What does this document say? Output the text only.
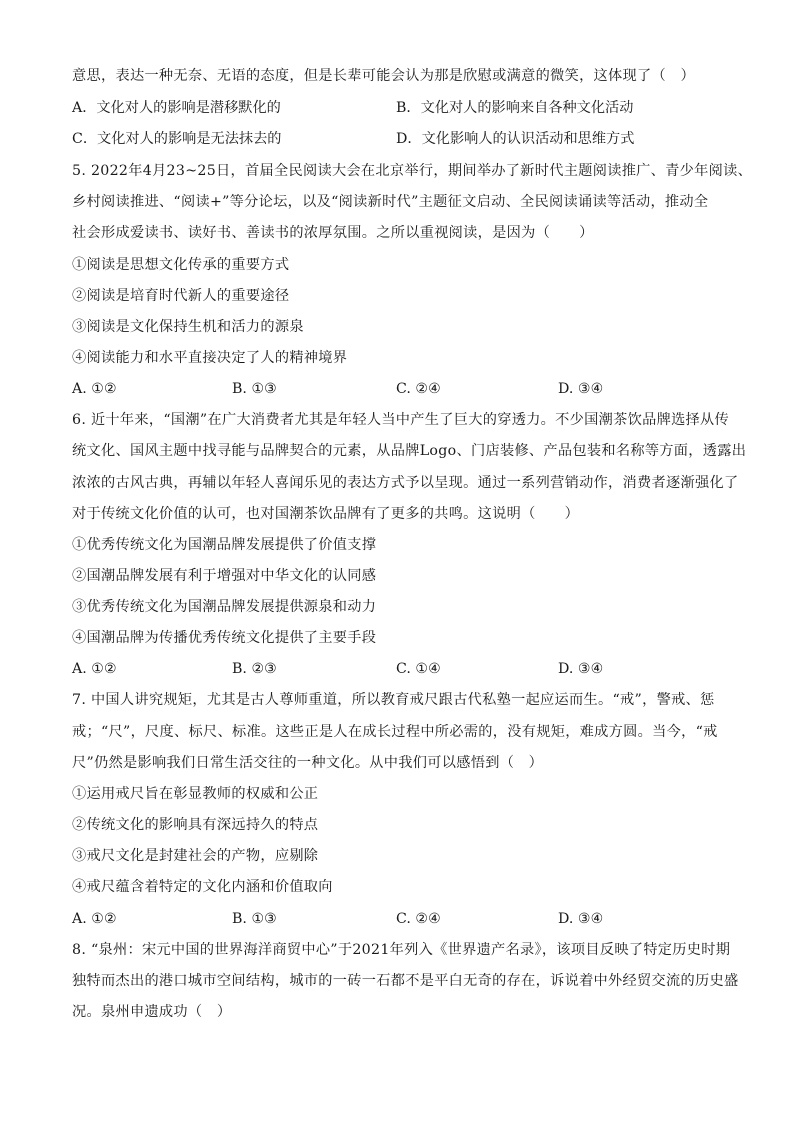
意思，表达一种无奈、无语的态度，但是长辈可能会认为那是欣慰或满意的微笑，这体现了（　）
A．文化对人的影响是潜移默化的	B．文化对人的影响来自各种文化活动
C．文化对人的影响是无法抹去的	D．文化影响人的认识活动和思维方式
5. 2022年4月23~25日，首届全民阅读大会在北京举行，期间举办了新时代主题阅读推广、青少年阅读、
乡村阅读推进、“阅读+”等分论坛，以及“阅读新时代”主题征文启动、全民阅读诵读等活动，推动全
社会形成爱读书、读好书、善读书的浓厚氛围。之所以重视阅读，是因为（　　）
①阅读是思想文化传承的重要方式
②阅读是培育时代新人的重要途径
③阅读是文化保持生机和活力的源泉
④阅读能力和水平直接决定了人的精神境界
A. ①②	B. ①③	C. ②④	D. ③④
6. 近十年来，“国潮”在广大消费者尤其是年轻人当中产生了巨大的穿透力。不少国潮茶饮品牌选择从传
统文化、国风主题中找寻能与品牌契合的元素，从品牌Logo、门店装修、产品包装和名称等方面，透露出
浓浓的古风古典，再辅以年轻人喜闻乐见的表达方式予以呈现。通过一系列营销动作，消费者逐渐强化了
对于传统文化价值的认可，也对国潮茶饮品牌有了更多的共鸣。这说明（　　）
①优秀传统文化为国潮品牌发展提供了价值支撑
②国潮品牌发展有利于增强对中华文化的认同感
③优秀传统文化为国潮品牌发展提供源泉和动力
④国潮品牌为传播优秀传统文化提供了主要手段
A. ①②	B. ②③	C. ①④	D. ③④
7. 中国人讲究规矩，尤其是古人尊师重道，所以教育戒尺跟古代私塾一起应运而生。“戒”，警戒、惩
戒；“尺”，尺度、标尺、标准。这些正是人在成长过程中所必需的，没有规矩，难成方圆。当今，“戒
尺”仍然是影响我们日常生活交往的一种文化。从中我们可以感悟到（　）
①运用戒尺旨在彰显教师的权威和公正
②传统文化的影响具有深远持久的特点
③戒尺文化是封建社会的产物，应剔除
④戒尺蕴含着特定的文化内涵和价值取向
A. ①②	B. ①③	C. ②④	D. ③④
8. “泉州：宋元中国的世界海洋商贸中心”于2021年列入《世界遗产名录》，该项目反映了特定历史时期
独特而杰出的港口城市空间结构，城市的一砖一石都不是平白无奇的存在，诉说着中外经贸交流的历史盛
况。泉州申遗成功（　）
